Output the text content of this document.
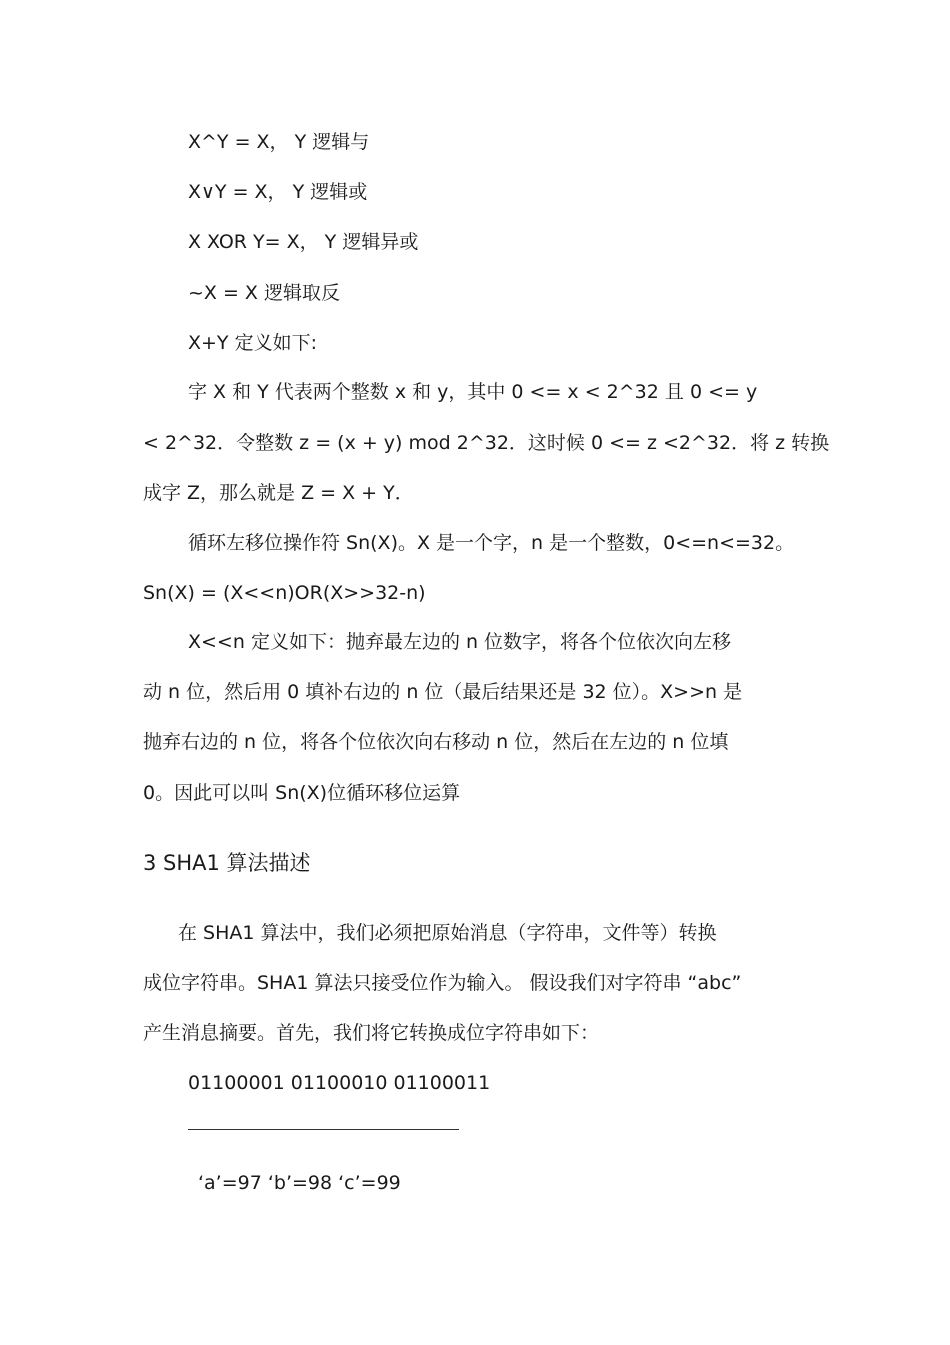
X^Y = X， Y 逻辑与
X∨Y = X， Y 逻辑或
X XOR Y= X， Y 逻辑异或
~X = X 逻辑取反
X+Y 定义如下:
字 X 和 Y 代表两个整数 x 和 y，其中 0 <= x < 2^32 且 0 <= y
< 2^32．令整数 z = (x + y) mod 2^32．这时候 0 <= z <2^32．将 z 转换
成字 Z，那么就是 Z = X + Y．
循环左移位操作符 Sn(X)。X 是一个字，n 是一个整数，0<=n<=32。
Sn(X) = (X<<n)OR(X>>32-n)
X<<n 定义如下：抛弃最左边的 n 位数字，将各个位依次向左移
动 n 位，然后用 0 填补右边的 n 位（最后结果还是 32 位）。X>>n 是
抛弃右边的 n 位，将各个位依次向右移动 n 位，然后在左边的 n 位填
0。因此可以叫 Sn(X)位循环移位运算
3 SHA1 算法描述
在 SHA1 算法中，我们必须把原始消息（字符串，文件等）转换
成位字符串。SHA1 算法只接受位作为输入。 假设我们对字符串 “abc”
产生消息摘要。首先，我们将它转换成位字符串如下：
01100001 01100010 01100011
‘a’=97 ‘b’=98 ‘c’=99
